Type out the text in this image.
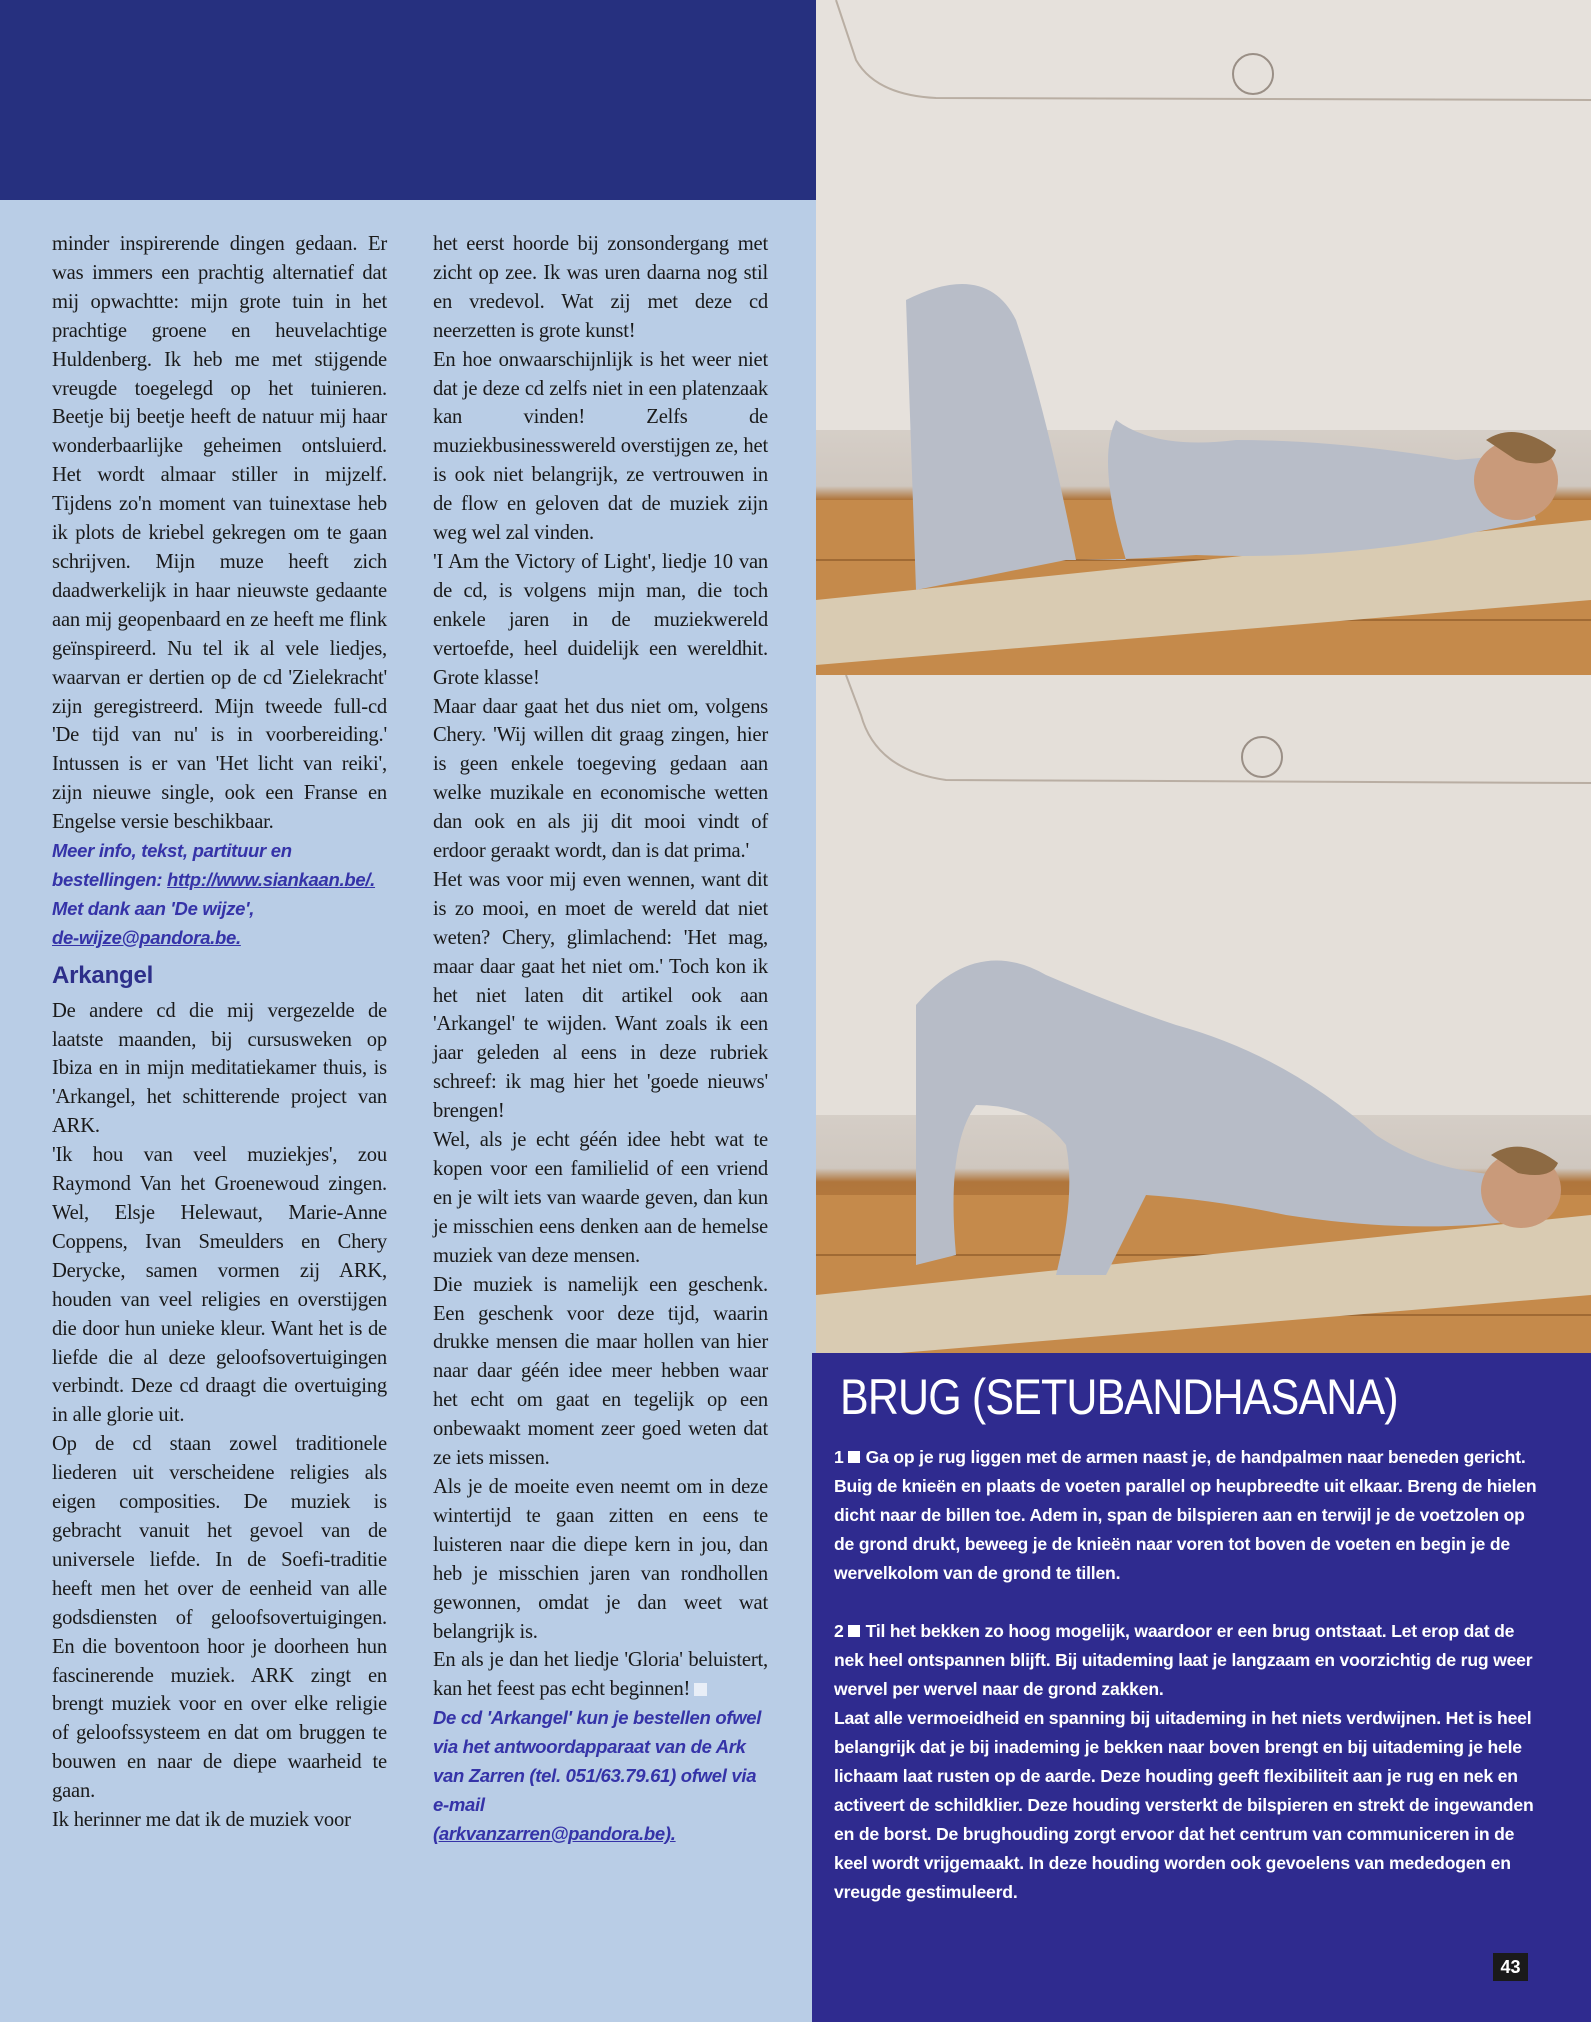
minder inspirerende dingen gedaan. Er was immers een prachtig alternatief dat mij opwachtte: mijn grote tuin in het prachtige groene en heuvelachtige Huldenberg. Ik heb me met stijgende vreugde toegelegd op het tuinieren. Beetje bij beetje heeft de natuur mij haar wonderbaarlijke geheimen ontsluierd. Het wordt almaar stiller in mijzelf. Tijdens zo'n moment van tuinextase heb ik plots de kriebel gekregen om te gaan schrijven. Mijn muze heeft zich daadwerkelijk in haar nieuwste gedaante aan mij geopenbaard en ze heeft me flink geïnspireerd. Nu tel ik al vele liedjes, waarvan er dertien op de cd 'Zielekracht' zijn geregistreerd. Mijn tweede full-cd 'De tijd van nu' is in voorbereiding.' Intussen is er van 'Het licht van reiki', zijn nieuwe single, ook een Franse en Engelse versie beschikbaar.

Meer info, tekst, partituur en bestellingen: http://www.siankaan.be/.
Met dank aan 'De wijze',
de-wijze@pandora.be.

Arkangel

De andere cd die mij vergezelde de laatste maanden, bij cursusweken op Ibiza en in mijn meditatiekamer thuis, is 'Arkangel, het schitterende project van ARK.

'Ik hou van veel muziekjes', zou Raymond Van het Groenewoud zingen. Wel, Elsje Helewaut, Marie-Anne Coppens, Ivan Smeulders en Chery Derycke, samen vormen zij ARK, houden van veel religies en overstijgen die door hun unieke kleur. Want het is de liefde die al deze geloofsovertuigingen verbindt. Deze cd draagt die overtuiging in alle glorie uit.

Op de cd staan zowel traditionele liederen uit verscheidene religies als eigen composities. De muziek is gebracht vanuit het gevoel van de universele liefde. In de Soefi-traditie heeft men het over de eenheid van alle godsdiensten of geloofsovertuigingen. En die boventoon hoor je doorheen hun fascinerende muziek. ARK zingt en brengt muziek voor en over elke religie of geloofssysteem en dat om bruggen te bouwen en naar de diepe waarheid te gaan.

Ik herinner me dat ik de muziek voor

het eerst hoorde bij zonsondergang met zicht op zee. Ik was uren daarna nog stil en vredevol. Wat zij met deze cd neerzetten is grote kunst!

En hoe onwaarschijnlijk is het weer niet dat je deze cd zelfs niet in een platenzaak kan vinden! Zelfs de muziekbusinesswereld overstijgen ze, het is ook niet belangrijk, ze vertrouwen in de flow en geloven dat de muziek zijn weg wel zal vinden.

'I Am the Victory of Light', liedje 10 van de cd, is volgens mijn man, die toch enkele jaren in de muziekwereld vertoefde, heel duidelijk een wereldhit. Grote klasse!

Maar daar gaat het dus niet om, volgens Chery. 'Wij willen dit graag zingen, hier is geen enkele toegeving gedaan aan welke muzikale en economische wetten dan ook en als jij dit mooi vindt of erdoor geraakt wordt, dan is dat prima.'

Het was voor mij even wennen, want dit is zo mooi, en moet de wereld dat niet weten? Chery, glimlachend: 'Het mag, maar daar gaat het niet om.' Toch kon ik het niet laten dit artikel ook aan 'Arkangel' te wijden. Want zoals ik een jaar geleden al eens in deze rubriek schreef: ik mag hier het 'goede nieuws' brengen!

Wel, als je echt géén idee hebt wat te kopen voor een familielid of een vriend en je wilt iets van waarde geven, dan kun je misschien eens denken aan de hemelse muziek van deze mensen.

Die muziek is namelijk een geschenk. Een geschenk voor deze tijd, waarin drukke mensen die maar hollen van hier naar daar géén idee meer hebben waar het echt om gaat en tegelijk op een onbewaakt moment zeer goed weten dat ze iets missen.

Als je de moeite even neemt om in deze wintertijd te gaan zitten en eens te luisteren naar die diepe kern in jou, dan heb je misschien jaren van rondhollen gewonnen, omdat je dan weet wat belangrijk is.

En als je dan het liedje 'Gloria' beluistert, kan het feest pas echt beginnen!

De cd 'Arkangel' kun je bestellen ofwel via het antwoordapparaat van de Ark van Zarren (tel. 051/63.79.61) ofwel via e-mail
(arkvanzarren@pandora.be).

BRUG (SETUBANDHASANA)

1 Ga op je rug liggen met de armen naast je, de handpalmen naar beneden gericht. Buig de knieën en plaats de voeten parallel op heupbreedte uit elkaar. Breng de hielen dicht naar de billen toe. Adem in, span de bilspieren aan en terwijl je de voetzolen op de grond drukt, beweeg je de knieën naar voren tot boven de voeten en begin je de wervelkolom van de grond te tillen.

2 Til het bekken zo hoog mogelijk, waardoor er een brug ontstaat. Let erop dat de nek heel ontspannen blijft. Bij uitademing laat je langzaam en voorzichtig de rug weer wervel per wervel naar de grond zakken.

Laat alle vermoeidheid en spanning bij uitademing in het niets verdwijnen. Het is heel belangrijk dat je bij inademing je bekken naar boven brengt en bij uitademing je hele lichaam laat rusten op de aarde. Deze houding geeft flexibiliteit aan je rug en nek en activeert de schildklier. Deze houding versterkt de bilspieren en strekt de ingewanden en de borst. De brughouding zorgt ervoor dat het centrum van communiceren in de keel wordt vrijgemaakt. In deze houding worden ook gevoelens van mededogen en vreugde gestimuleerd.

43
